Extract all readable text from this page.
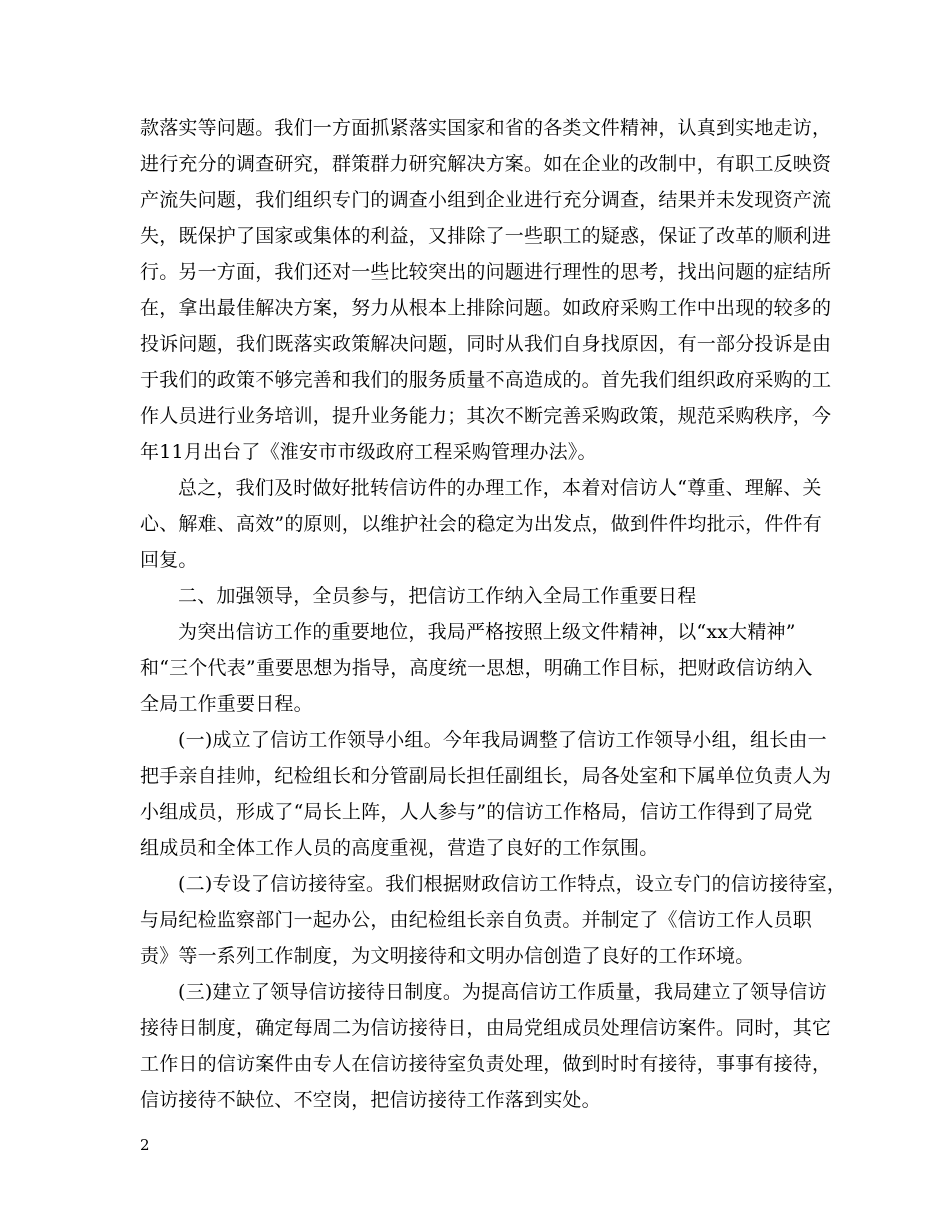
款落实等问题。我们一方面抓紧落实国家和省的各类文件精神，认真到实地走访，
进行充分的调查研究，群策群力研究解决方案。如在企业的改制中，有职工反映资
产流失问题，我们组织专门的调查小组到企业进行充分调查，结果并未发现资产流
失，既保护了国家或集体的利益，又排除了一些职工的疑惑，保证了改革的顺利进
行。另一方面，我们还对一些比较突出的问题进行理性的思考，找出问题的症结所
在，拿出最佳解决方案，努力从根本上排除问题。如政府采购工作中出现的较多的
投诉问题，我们既落实政策解决问题，同时从我们自身找原因，有一部分投诉是由
于我们的政策不够完善和我们的服务质量不高造成的。首先我们组织政府采购的工
作人员进行业务培训，提升业务能力；其次不断完善采购政策，规范采购秩序，今
年11月出台了《淮安市市级政府工程采购管理办法》。
总之，我们及时做好批转信访件的办理工作，本着对信访人“尊重、理解、关
心、解难、高效”的原则，以维护社会的稳定为出发点，做到件件均批示，件件有
回复。
二、加强领导，全员参与，把信访工作纳入全局工作重要日程
为突出信访工作的重要地位，我局严格按照上级文件精神，以“xx大精神”
和“三个代表”重要思想为指导，高度统一思想，明确工作目标，把财政信访纳入
全局工作重要日程。
(一)成立了信访工作领导小组。今年我局调整了信访工作领导小组，组长由一
把手亲自挂帅，纪检组长和分管副局长担任副组长，局各处室和下属单位负责人为
小组成员，形成了“局长上阵，人人参与”的信访工作格局，信访工作得到了局党
组成员和全体工作人员的高度重视，营造了良好的工作氛围。
(二)专设了信访接待室。我们根据财政信访工作特点，设立专门的信访接待室，
与局纪检监察部门一起办公，由纪检组长亲自负责。并制定了《信访工作人员职
责》等一系列工作制度，为文明接待和文明办信创造了良好的工作环境。
(三)建立了领导信访接待日制度。为提高信访工作质量，我局建立了领导信访
接待日制度，确定每周二为信访接待日，由局党组成员处理信访案件。同时，其它
工作日的信访案件由专人在信访接待室负责处理，做到时时有接待，事事有接待，
信访接待不缺位、不空岗，把信访接待工作落到实处。
2
